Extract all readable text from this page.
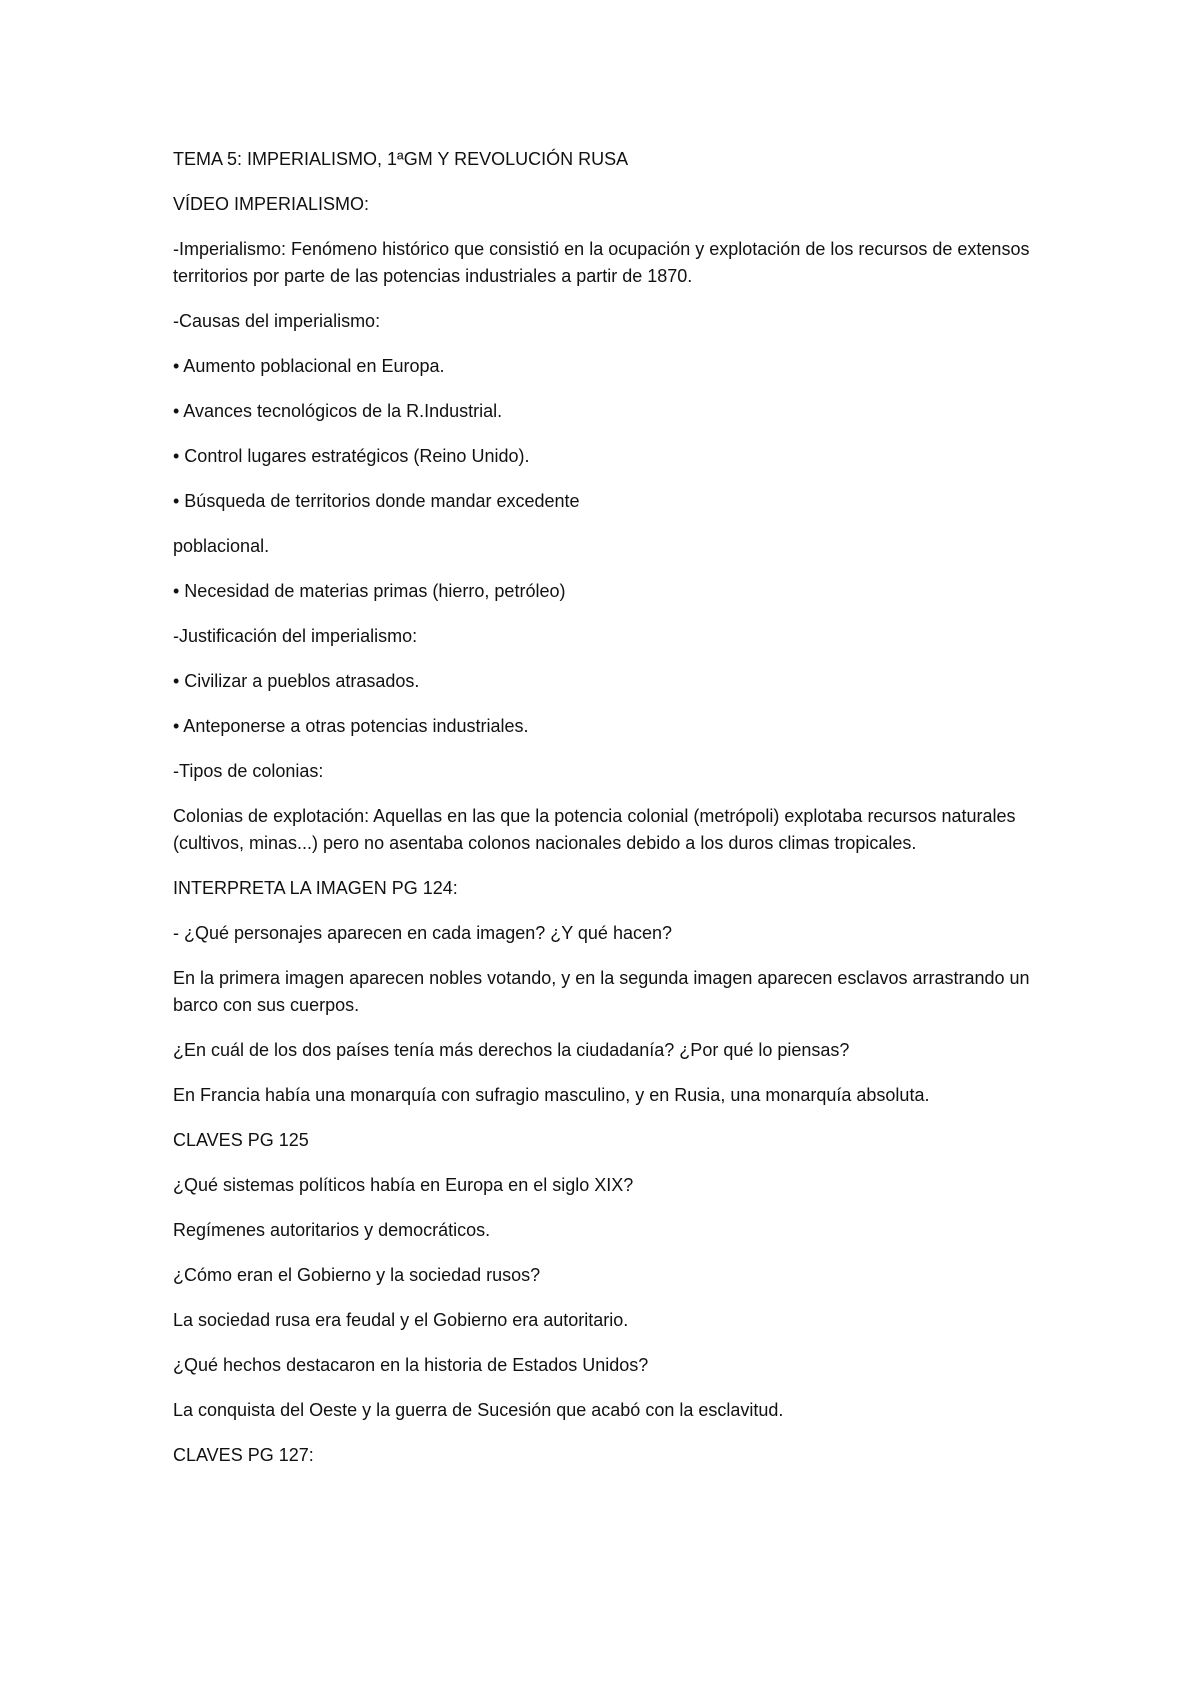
TEMA 5: IMPERIALISMO, 1ªGM Y REVOLUCIÓN RUSA

VÍDEO IMPERIALISMO:

-Imperialismo: Fenómeno histórico que consistió en la ocupación y explotación de los recursos de extensos territorios por parte de las potencias industriales a partir de 1870.

-Causas del imperialismo:

• Aumento poblacional en Europa.

• Avances tecnológicos de la R.Industrial.

• Control lugares estratégicos (Reino Unido).

• Búsqueda de territorios donde mandar excedente

poblacional.

• Necesidad de materias primas (hierro, petróleo)

-Justificación del imperialismo:

• Civilizar a pueblos atrasados.

• Anteponerse a otras potencias industriales.

-Tipos de colonias:

Colonias de explotación: Aquellas en las que la potencia colonial (metrópoli) explotaba recursos naturales (cultivos, minas...) pero no asentaba colonos nacionales debido a los duros climas tropicales.

INTERPRETA LA IMAGEN PG 124:

- ¿Qué personajes aparecen en cada imagen? ¿Y qué hacen?

En la primera imagen aparecen nobles votando, y en la segunda imagen aparecen esclavos arrastrando un barco con sus cuerpos.

¿En cuál de los dos países tenía más derechos la ciudadanía? ¿Por qué lo piensas?

En Francia había una monarquía con sufragio masculino, y en Rusia, una monarquía absoluta.

CLAVES PG 125

¿Qué sistemas políticos había en Europa en el siglo XIX?

Regímenes autoritarios y democráticos.

¿Cómo eran el Gobierno y la sociedad rusos?

La sociedad rusa era feudal y el Gobierno era autoritario.

¿Qué hechos destacaron en la historia de Estados Unidos?

La conquista del Oeste y la guerra de Sucesión que acabó con la esclavitud.

CLAVES PG 127:
